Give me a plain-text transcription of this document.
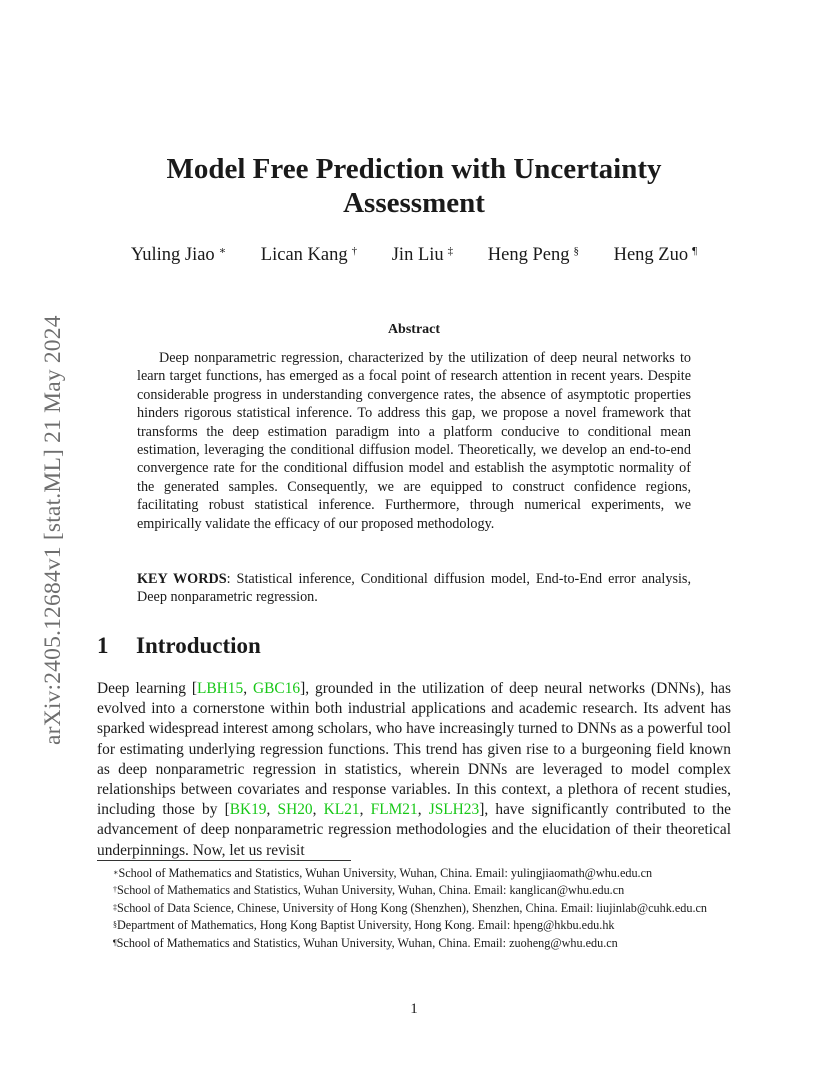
arXiv:2405.12684v1 [stat.ML] 21 May 2024
Model Free Prediction with Uncertainty
Assessment
Yuling Jiao ∗ Lican Kang † Jin Liu ‡ Heng Peng § Heng Zuo ¶
Abstract

Deep nonparametric regression, characterized by the utilization of deep neural networks to learn target functions, has emerged as a focal point of research attention in recent years. Despite considerable progress in understanding convergence rates, the absence of asymptotic properties hinders rigorous statistical inference. To address this gap, we propose a novel framework that transforms the deep estimation paradigm into a platform conducive to conditional mean estimation, leveraging the conditional diffusion model. Theoretically, we develop an end-to-end convergence rate for the conditional diffusion model and establish the asymptotic normality of the generated samples. Consequently, we are equipped to construct confidence regions, facilitating robust statistical inference. Furthermore, through numerical experiments, we empirically validate the efficacy of our proposed methodology.

KEY WORDS: Statistical inference, Conditional diffusion model, End-to-End error analysis, Deep nonparametric regression.

1 Introduction

Deep learning [LBH15, GBC16], grounded in the utilization of deep neural networks (DNNs), has evolved into a cornerstone within both industrial applications and academic research. Its advent has sparked widespread interest among scholars, who have increasingly turned to DNNs as a powerful tool for estimating underlying regression functions. This trend has given rise to a burgeoning field known as deep nonparametric regression in statistics, wherein DNNs are leveraged to model complex relationships between covariates and response variables. In this context, a plethora of recent studies, including those by [BK19, SH20, KL21, FLM21, JSLH23], have significantly contributed to the advancement of deep nonparametric regression methodologies and the elucidation of their theoretical underpinnings. Now, let us revisit

∗School of Mathematics and Statistics, Wuhan University, Wuhan, China. Email: yulingjiaomath@whu.edu.cn
†School of Mathematics and Statistics, Wuhan University, Wuhan, China. Email: kanglican@whu.edu.cn
‡School of Data Science, Chinese, University of Hong Kong (Shenzhen), Shenzhen, China. Email: liujinlab@cuhk.edu.cn
§Department of Mathematics, Hong Kong Baptist University, Hong Kong. Email: hpeng@hkbu.edu.hk
¶School of Mathematics and Statistics, Wuhan University, Wuhan, China. Email: zuoheng@whu.edu.cn
1
